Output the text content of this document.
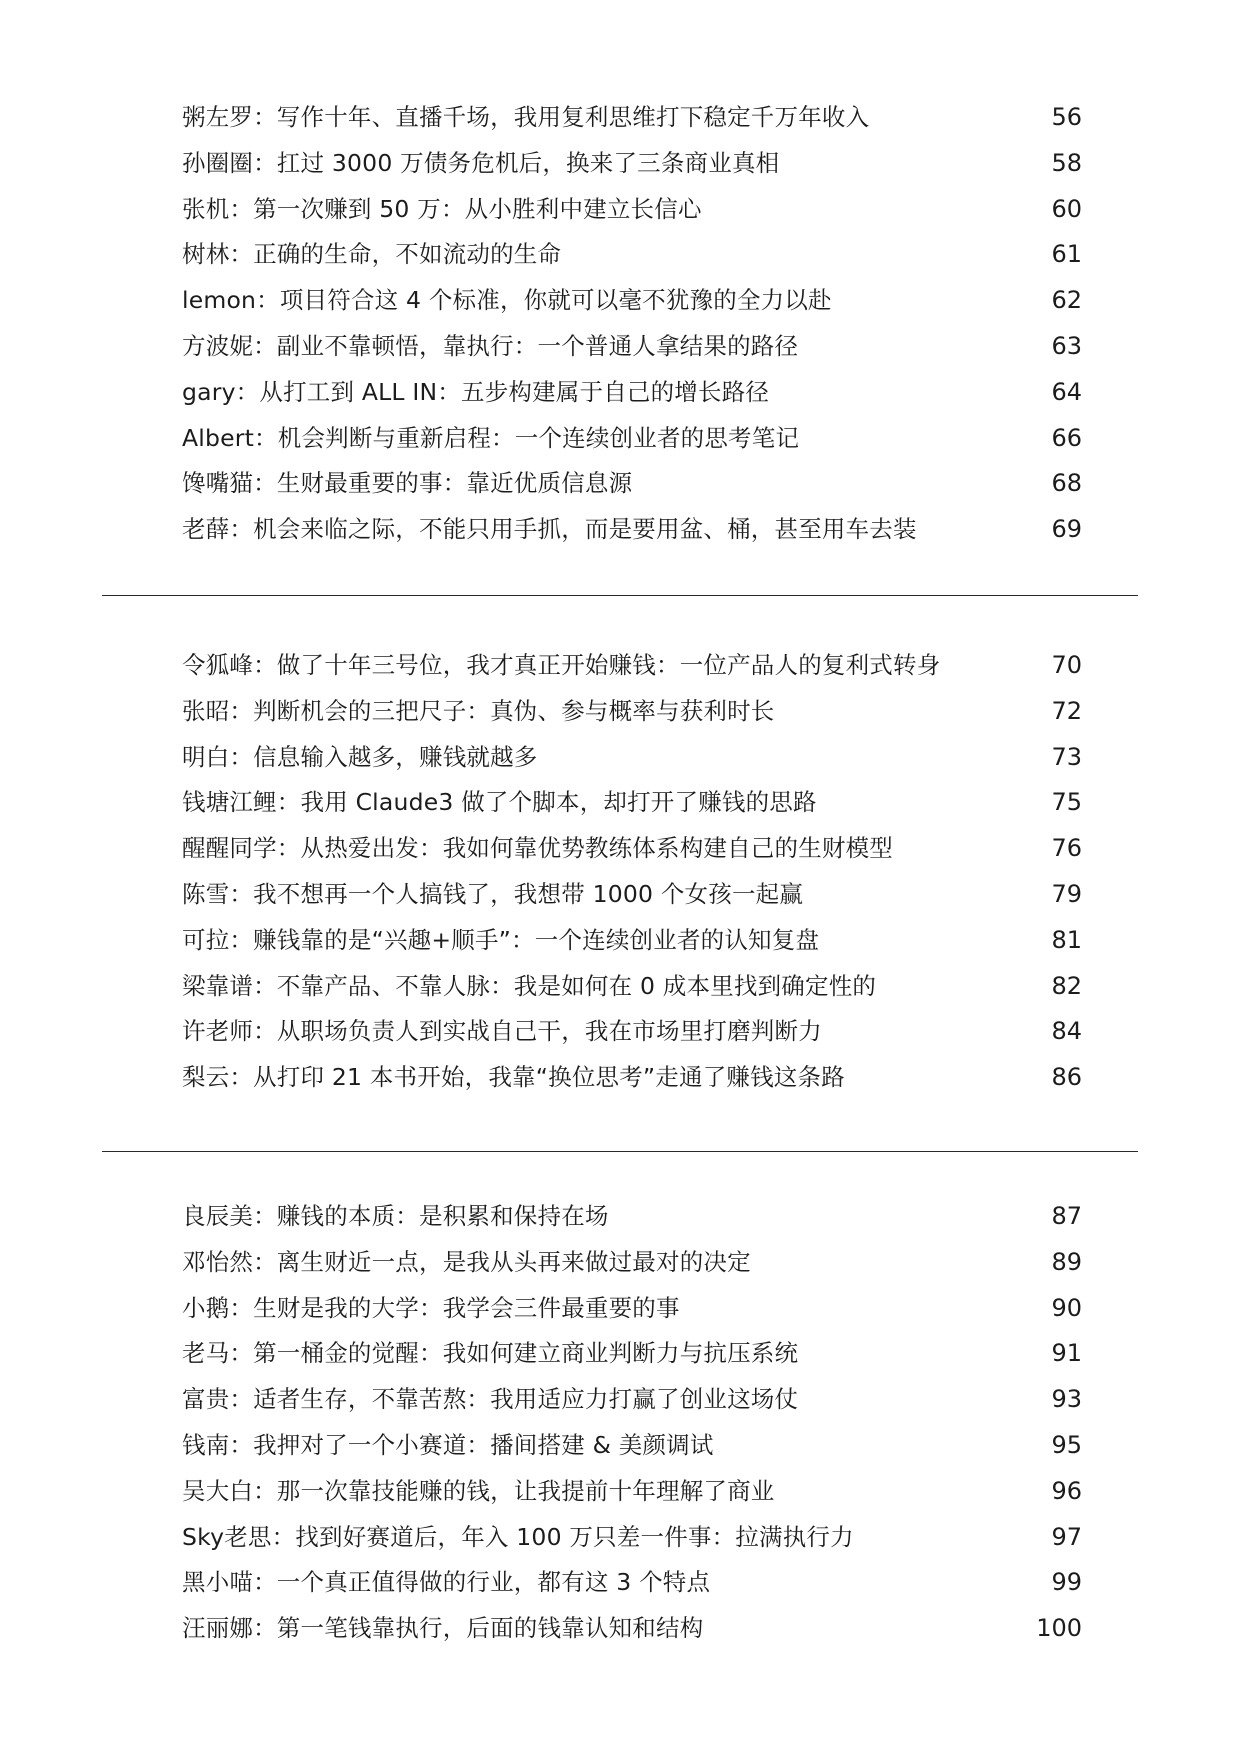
粥左罗：写作十年、直播千场，我用复利思维打下稳定千万年收入	56
孙圈圈：扛过 3000 万债务危机后，换来了三条商业真相	58
张机：第一次赚到 50 万：从小胜利中建立长信心	60
树林：正确的生命，不如流动的生命	61
lemon：项目符合这 4 个标准，你就可以毫不犹豫的全力以赴	62
方波妮：副业不靠顿悟，靠执行：一个普通人拿结果的路径	63
gary：从打工到 ALL IN：五步构建属于自己的增长路径	64
Albert：机会判断与重新启程：一个连续创业者的思考笔记	66
馋嘴猫：生财最重要的事：靠近优质信息源	68
老薛：机会来临之际，不能只用手抓，而是要用盆、桶，甚至用车去装	69
令狐峰：做了十年三号位，我才真正开始赚钱：一位产品人的复利式转身	70
张昭：判断机会的三把尺子：真伪、参与概率与获利时长	72
明白：信息输入越多，赚钱就越多	73
钱塘江鲤：我用 Claude3 做了个脚本，却打开了赚钱的思路	75
醒醒同学：从热爱出发：我如何靠优势教练体系构建自己的生财模型	76
陈雪：我不想再一个人搞钱了，我想带 1000 个女孩一起赢	79
可拉：赚钱靠的是“兴趣+顺手”：一个连续创业者的认知复盘	81
梁靠谱：不靠产品、不靠人脉：我是如何在 0 成本里找到确定性的	82
许老师：从职场负责人到实战自己干，我在市场里打磨判断力	84
梨云：从打印 21 本书开始，我靠“换位思考”走通了赚钱这条路	86
良辰美：赚钱的本质：是积累和保持在场	87
邓怡然：离生财近一点，是我从头再来做过最对的决定	89
小鹅：生财是我的大学：我学会三件最重要的事	90
老马：第一桶金的觉醒：我如何建立商业判断力与抗压系统	91
富贵：适者生存，不靠苦熬：我用适应力打赢了创业这场仗	93
钱南：我押对了一个小赛道：播间搭建 & 美颜调试	95
吴大白：那一次靠技能赚的钱，让我提前十年理解了商业	96
Sky老思：找到好赛道后，年入 100 万只差一件事：拉满执行力	97
黑小喵：一个真正值得做的行业，都有这 3 个特点	99
汪丽娜：第一笔钱靠执行，后面的钱靠认知和结构	100
